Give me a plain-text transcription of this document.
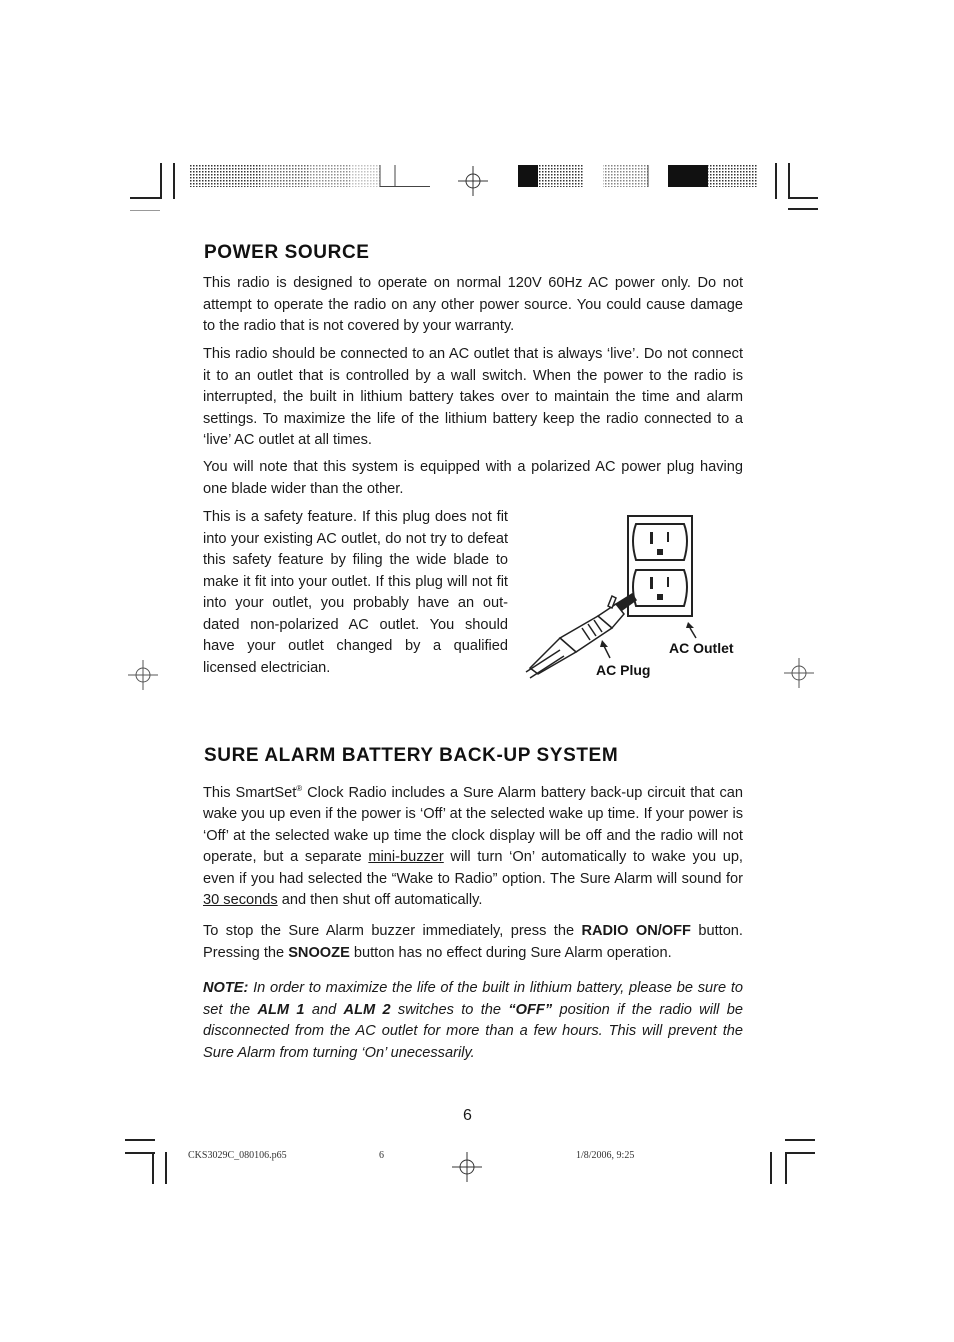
POWER SOURCE

This radio is designed to operate on normal 120V 60Hz AC power only. Do not attempt to operate the radio on any other power source. You could cause damage to the radio that is not covered by your warranty.

This radio should be connected to an AC outlet that is always ‘live’. Do not connect it to an outlet that is controlled by a wall switch. When the power to the radio is interrupted, the built in lithium battery takes over to maintain the time and alarm settings. To maximize the life of the lithium battery keep the radio connected to a ‘live’ AC outlet at all times.

You will note that this system is equipped with a polarized AC power plug having one blade wider than the other.

This is a safety feature. If this plug does not fit into your existing AC outlet, do not try to defeat this safety feature by filing the wide blade to make it fit into your outlet. If this plug will not fit into your outlet, you probably have an out-dated non-polarized AC outlet. You should have your outlet changed by a qualified licensed electrician.

AC Outlet
AC Plug
SURE ALARM BATTERY BACK-UP SYSTEM

This SmartSet® Clock Radio includes a Sure Alarm battery back-up circuit that can wake you up even if the power is ‘Off’ at the selected wake up time. If your power is ‘Off’ at the selected wake up time the clock display will be off and the radio will not operate, but a separate mini-buzzer will turn ‘On’ automatically to wake you up, even if you had selected the “Wake to Radio” option. The Sure Alarm will sound for 30 seconds and then shut off automatically.

To stop the Sure Alarm buzzer immediately, press the RADIO ON/OFF button. Pressing the SNOOZE button has no effect during Sure Alarm operation.

NOTE: In order to maximize the life of the built in lithium battery, please be sure to set the ALM 1 and ALM 2 switches to the “OFF” position if the radio will be disconnected from the AC outlet for more than a few hours. This will prevent the Sure Alarm from turning ‘On’ unecessarily.

6
CKS3029C_080106.p65	6	1/8/2006, 9:25
